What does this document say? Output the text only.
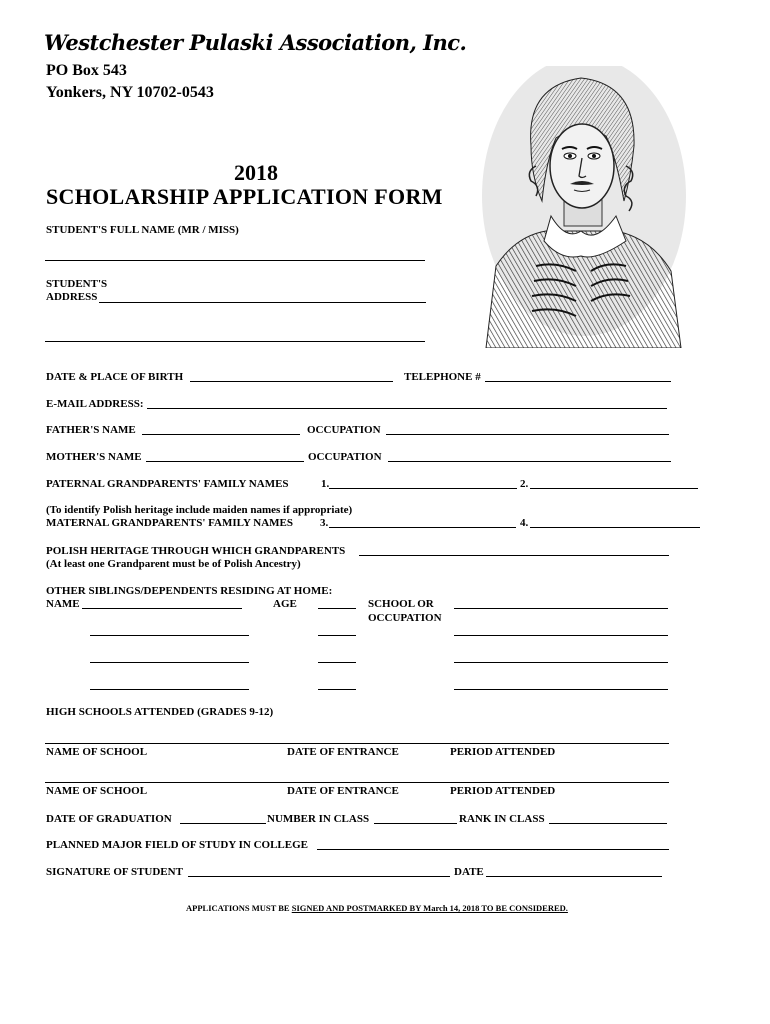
Westchester Pulaski Association, Inc.
PO Box 543
Yonkers, NY 10702-0543
2018
SCHOLARSHIP APPLICATION FORM
STUDENT'S FULL NAME (MR / MISS)
STUDENT'S
ADDRESS
DATE & PLACE OF BIRTH	TELEPHONE #
E-MAIL ADDRESS:
FATHER'S NAME	OCCUPATION
MOTHER'S NAME	OCCUPATION
PATERNAL GRANDPARENTS' FAMILY NAMES	1.	2.
(To identify Polish heritage include maiden names if appropriate)
MATERNAL GRANDPARENTS' FAMILY NAMES 3.	4.
POLISH HERITAGE THROUGH WHICH GRANDPARENTS
(At least one Grandparent must be of Polish Ancestry)
OTHER SIBLINGS/DEPENDENTS RESIDING AT HOME:
NAME	AGE	SCHOOL OR
OCCUPATION
HIGH SCHOOLS ATTENDED (GRADES 9-12)
NAME OF SCHOOL	DATE OF ENTRANCE	PERIOD ATTENDED
NAME OF SCHOOL	DATE OF ENTRANCE	PERIOD ATTENDED
DATE OF GRADUATION	NUMBER IN CLASS	RANK IN CLASS
PLANNED MAJOR FIELD OF STUDY IN COLLEGE
SIGNATURE OF STUDENT	DATE
APPLICATIONS MUST BE SIGNED AND POSTMARKED BY March 14, 2018 TO BE CONSIDERED.
